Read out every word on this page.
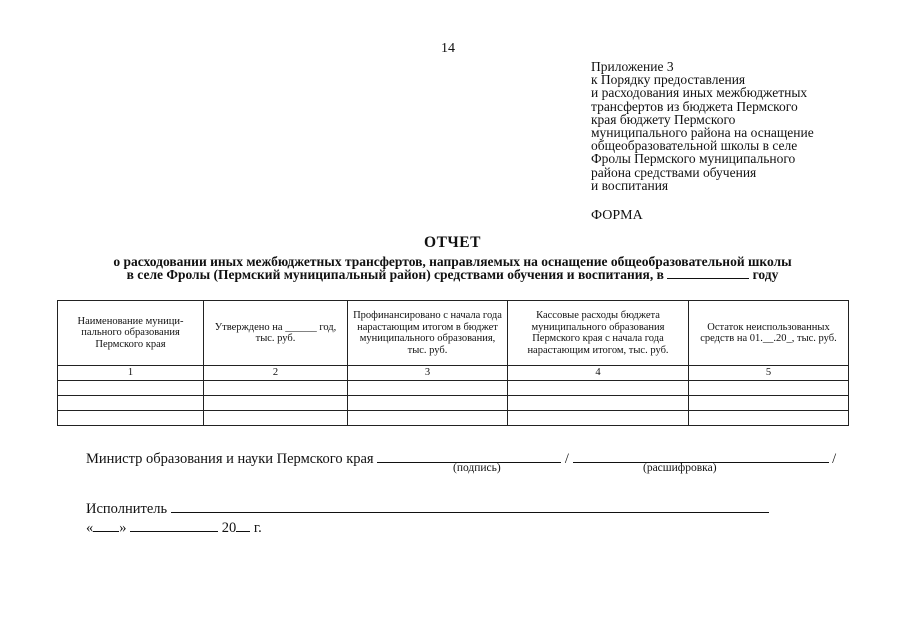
14
Приложение 3
к Порядку предоставления
и расходования иных межбюджетных
трансфертов из бюджета Пермского
края бюджету Пермского
муниципального района на оснащение
общеобразовательной школы в селе
Фролы Пермского муниципального
района средствами обучения
и воспитания
ФОРМА
ОТЧЕТ
о расходовании иных межбюджетных трансфертов, направляемых на оснащение общеобразовательной школы
в селе Фролы (Пермский муниципальный район) средствами обучения и воспитания, в	году
Наименование муници-пального образования Пермского края	Утверждено на ______ год, тыс. руб.	Профинансировано с начала года нарастающим итогом в бюджет муниципального образования, тыс. руб.	Кассовые расходы бюджета муниципального образования Пермского края с начала года нарастающим итогом, тыс. руб.	Остаток неиспользованных средств на 01.__.20_, тыс. руб.
1	2	3	4	5

Министр образования и науки Пермского края	/	/
(подпись)	(расшифровка)
Исполнитель
« »	20 г.
